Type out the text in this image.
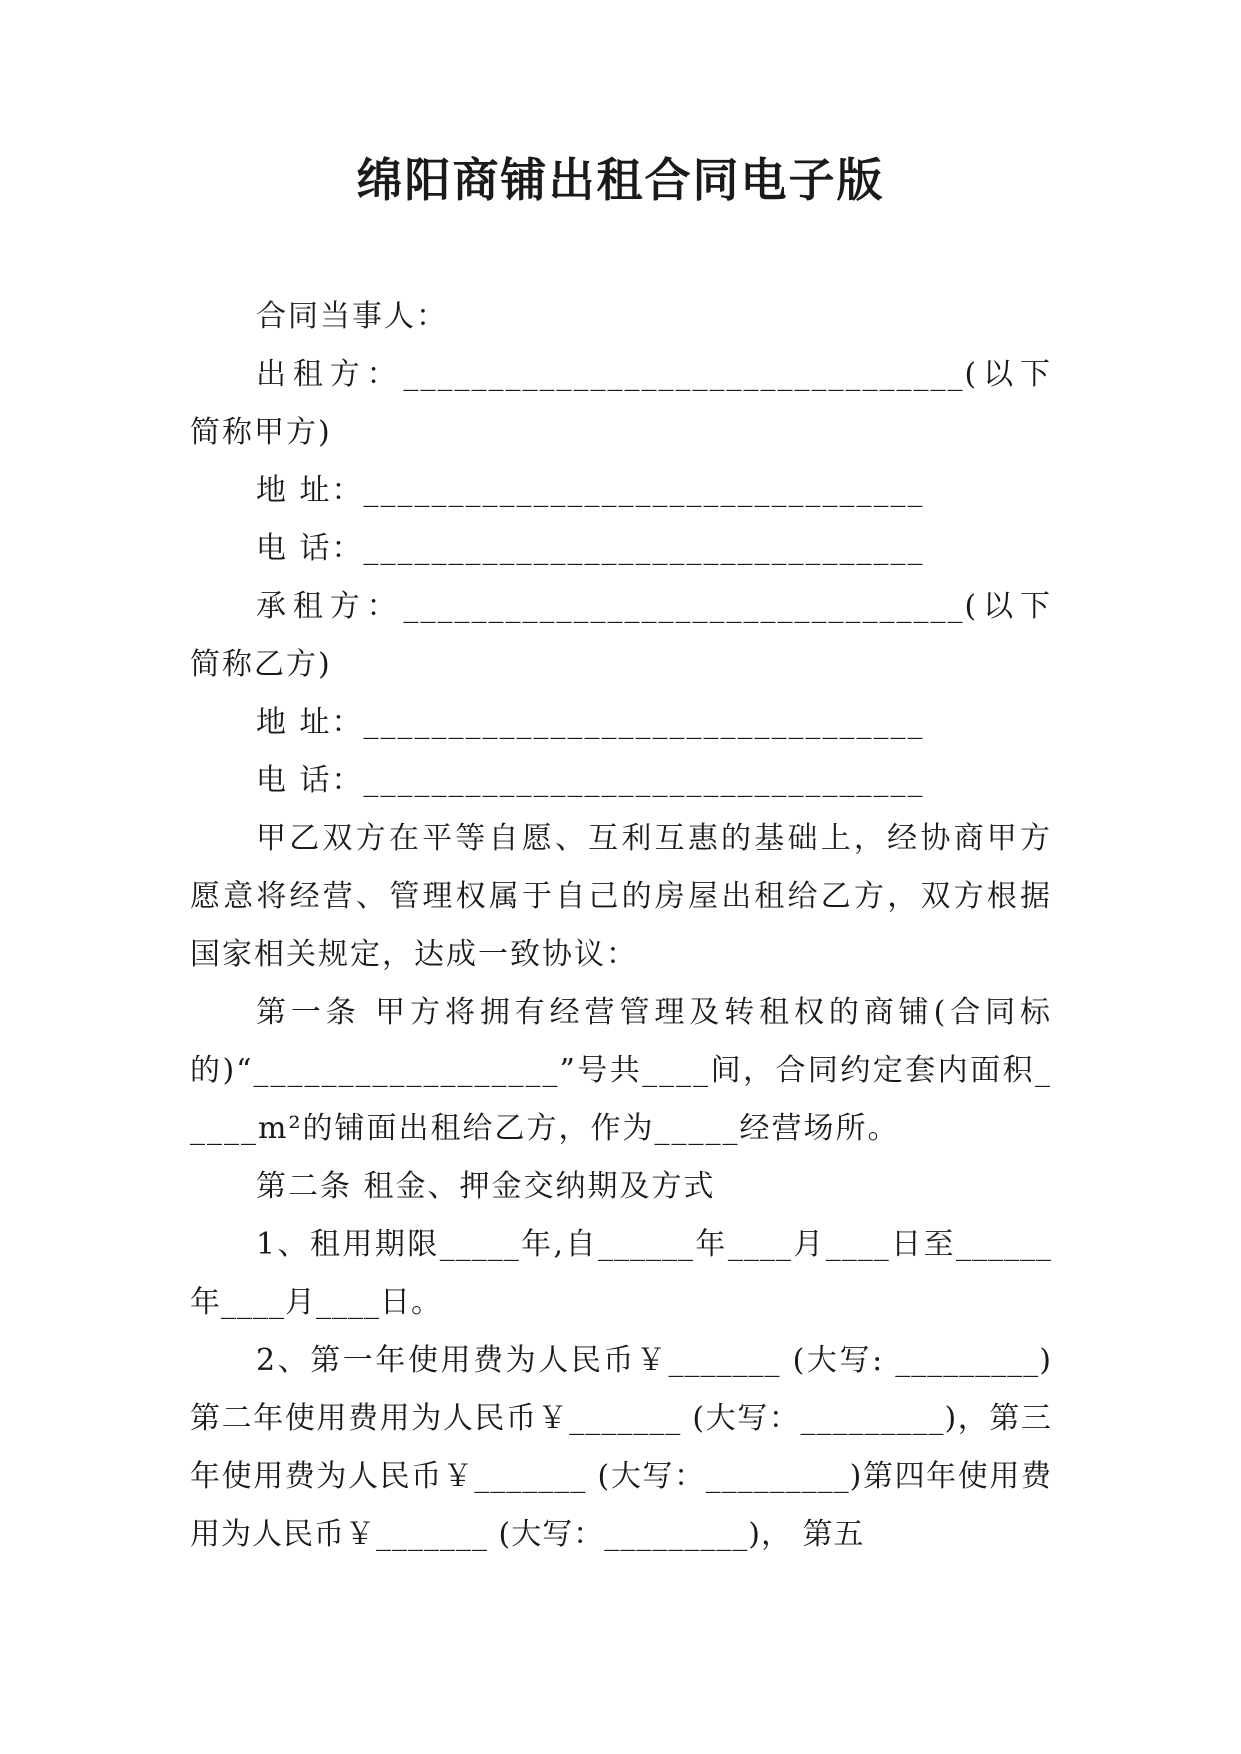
绵阳商铺出租合同电子版

合同当事人：

出租方：_________________________________(以下简称甲方)

地 址：_________________________________

电 话：_________________________________

承租方：_________________________________(以下简称乙方)

地 址：_________________________________

电 话：_________________________________

甲乙双方在平等自愿、互利互惠的基础上，经协商甲方愿意将经营、管理权属于自己的房屋出租给乙方，双方根据国家相关规定，达成一致协议：

第一条 甲方将拥有经营管理及转租权的商铺(合同标的)“__________________”号共____间，合同约定套内面积_____m²的铺面出租给乙方，作为_____经营场所。

第二条 租金、押金交纳期及方式

1、租用期限_____年,自______年____月____日至______年____月____日。

2、第一年使用费为人民币￥_______ (大写: _________)第二年使用费用为人民币￥_______ (大写：_________)，第三年使用费为人民币￥_______ (大写：_________)第四年使用费用为人民币￥_______ (大写：_________)， 第五
